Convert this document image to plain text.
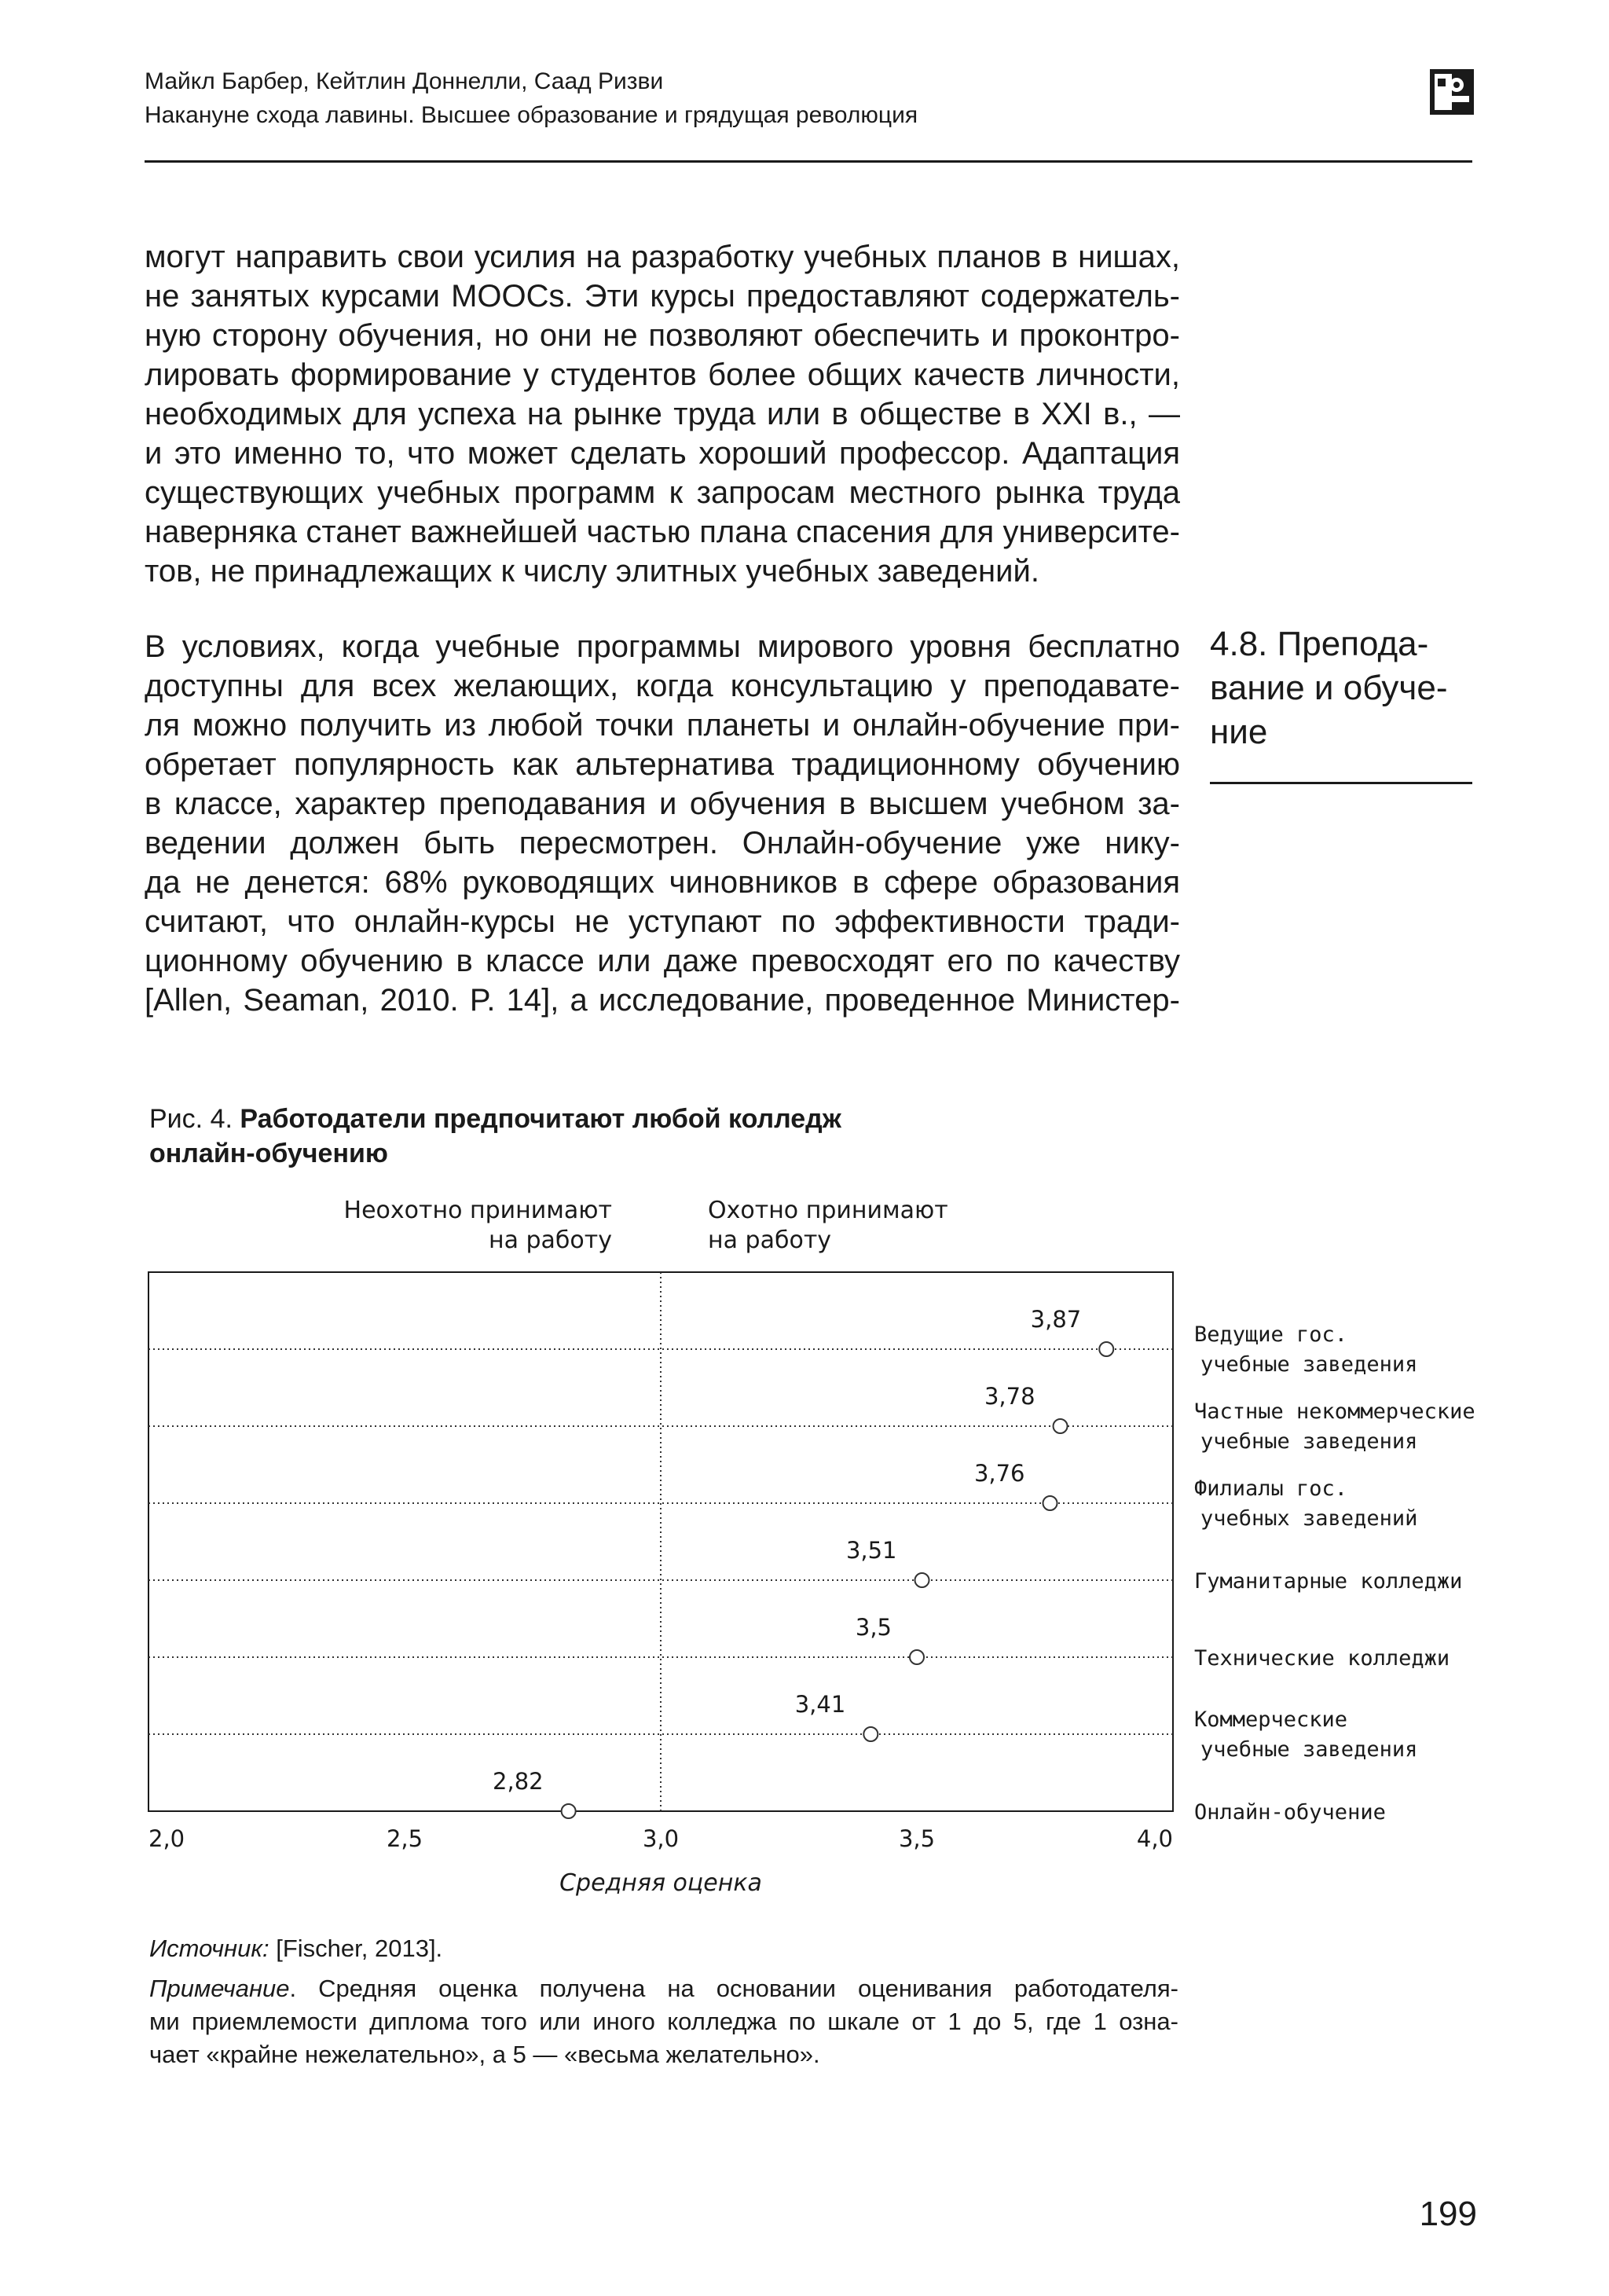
Майкл Барбер, Кейтлин Доннелли, Саад Ризви
Накануне схода лавины. Высшее образование и грядущая революция
могут направить свои усилия на разработку учебных планов в нишах,
не занятых курсами MOOCs. Эти курсы предоставляют содержатель-
ную сторону обучения, но они не позволяют обеспечить и проконтро-
лировать формирование у студентов более общих качеств личности,
необходимых для успеха на рынке труда или в обществе в XXI в., —
и это именно то, что может сделать хороший профессор. Адаптация
существующих учебных программ к запросам местного рынка труда
наверняка станет важнейшей частью плана спасения для университе-
тов, не принадлежащих к числу элитных учебных заведений.
4.8. Препода-
вание и обуче-
ние
В условиях, когда учебные программы мирового уровня бесплатно
доступны для всех желающих, когда консультацию у преподавате-
ля можно получить из любой точки планеты и онлайн-обучение при-
обретает популярность как альтернатива традиционному обучению
в классе, характер преподавания и обучения в высшем учебном за-
ведении должен быть пересмотрен. Онлайн-обучение уже нику-
да не денется: 68% руководящих чиновников в сфере образования
считают, что онлайн-курсы не уступают по эффективности тради-
ционному обучению в классе или даже превосходят его по качеству
[Allen, Seaman, 2010. P. 14], а исследование, проведенное Министер-
Рис. 4. Работодатели предпочитают любой колледж
онлайн-обучению
Неохотно принимают
на работу
Охотно принимают
на работу
3,87
Ведущие гос.
учебные заведения
3,78
Частные некоммерческие
учебные заведения
3,76
Филиалы гос.
учебных заведений
3,51
Гуманитарные колледжи
3,5
Технические колледжи
3,41
Коммерческие
учебные заведения
2,82
Онлайн-обучение
2,0	2,5	3,0	3,5	4,0
Средняя оценка
Источник: [Fischer, 2013].
Примечание. Средняя оценка получена на основании оценивания работодателя-
ми приемлемости диплома того или иного колледжа по шкале от 1 до 5, где 1 озна-
чает «крайне нежелательно», а 5 — «весьма желательно».
199
